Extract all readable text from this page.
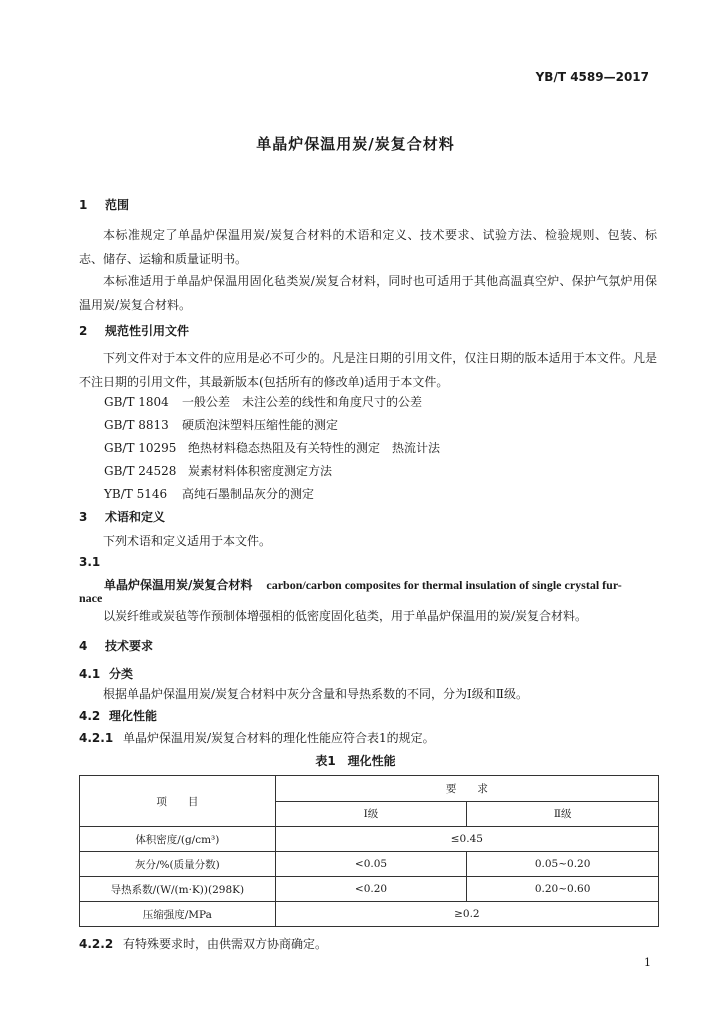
YB/T 4589—2017
单晶炉保温用炭/炭复合材料
1 范围
本标准规定了单晶炉保温用炭/炭复合材料的术语和定义、技术要求、试验方法、检验规则、包装、标志、储存、运输和质量证明书。
本标准适用于单晶炉保温用固化毡类炭/炭复合材料，同时也可适用于其他高温真空炉、保护气氛炉用保温用炭/炭复合材料。
2 规范性引用文件
下列文件对于本文件的应用是必不可少的。凡是注日期的引用文件，仅注日期的版本适用于本文件。凡是不注日期的引用文件，其最新版本(包括所有的修改单)适用于本文件。
GB/T 1804 一般公差　未注公差的线性和角度尺寸的公差
GB/T 8813 硬质泡沫塑料压缩性能的测定
GB/T 10295 绝热材料稳态热阻及有关特性的测定　热流计法
GB/T 24528 炭素材料体积密度测定方法
YB/T 5146 高纯石墨制品灰分的测定
3 术语和定义
下列术语和定义适用于本文件。
3.1
单晶炉保温用炭/炭复合材料 carbon/carbon composites for thermal insulation of single crystal fur-
nace
以炭纤维或炭毡等作预制体增强相的低密度固化毡类，用于单晶炉保温用的炭/炭复合材料。
4 技术要求
4.1 分类
根据单晶炉保温用炭/炭复合材料中灰分含量和导热系数的不同，分为Ⅰ级和Ⅱ级。
4.2 理化性能
4.2.1 单晶炉保温用炭/炭复合材料的理化性能应符合表1的规定。
表1　理化性能
项　　目	要　　求	
	Ⅰ级	Ⅱ级
体积密度/(g/cm³)	≤0.45	
灰分/%(质量分数)	<0.05	0.05~0.20
导热系数/(W/(m·K))(298K)	<0.20	0.20~0.60
压缩强度/MPa	≥0.2	
4.2.2 有特殊要求时，由供需双方协商确定。
1
